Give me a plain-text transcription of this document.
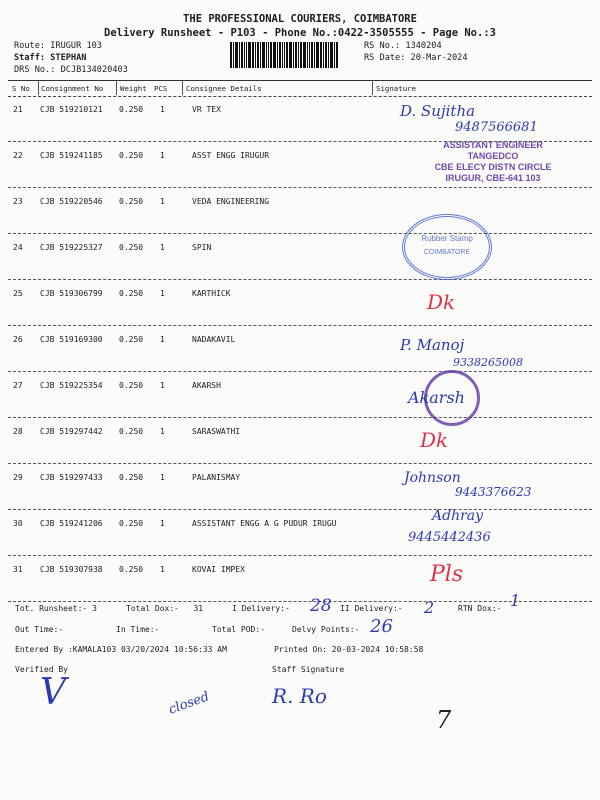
THE PROFESSIONAL COURIERS, COIMBATORE
Delivery Runsheet - P103 - Phone No.:0422-3505555 - Page No.:3
Route: IRUGUR 103
Staff: STEPHAN
DRS No.: DCJB134020403
RS No.: 1340204
RS Date: 20-Mar-2024
S No Consignment No Weight PCS	Consignee Details	Signature
21 CJB 519210121 0.250 1	VR TEX
22 CJB 519241185 0.250 1	ASST ENGG IRUGUR
23 CJB 519220546 0.250 1	VEDA ENGINEERING
24 CJB 519225327 0.250 1	SPIN
25 CJB 519306799 0.250 1	KARTHICK
26 CJB 519169300 0.250 1	NADAKAVIL
27 CJB 519225354 0.250 1	AKARSH
28 CJB 519297442 0.250 1	SARASWATHI
29 CJB 519297433 0.250 1	PALANISMAY
30 CJB 519241206 0.250 1	ASSISTANT ENGG A G PUDUR IRUGU
31 CJB 519307938 0.250 1	KOVAI IMPEX
D. Sujitha
9487566681
ASSISTANT ENGINEER
TANGEDCO
CBE ELECY DISTN CIRCLE
IRUGUR, CBE-641 103
Rubber Stamp
COIMBATORE
Dk
P. Manoj
9338265008
Akarsh
Dk
Johnson
9443376623
Adhray
9445442436
Pls
Tot. Runsheet:- 3	Total Dox:- 31	I Delivery:- 28 II Delivery:- 2	RTN Dox:- 1
Out Time:-	In Time:-	Total POD:-	Delvy Points:- 26
Entered By :KAMALA103 03/20/2024 10:56:33 AM	Printed On: 20-03-2024 10:58:58
Verified By	Staff Signature
V	closed	R. Ro
7
